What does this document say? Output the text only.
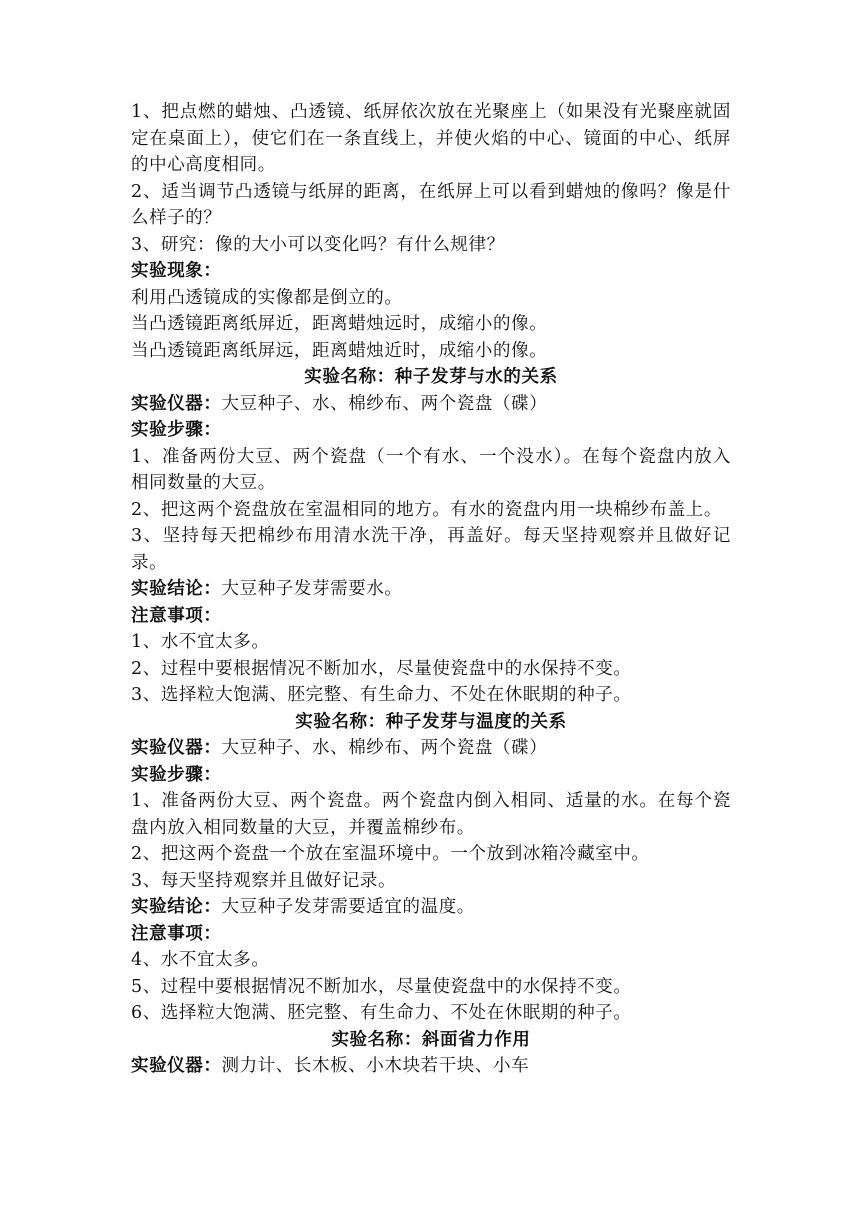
1、把点燃的蜡烛、凸透镜、纸屏依次放在光聚座上（如果没有光聚座就固定在桌面上），使它们在一条直线上，并使火焰的中心、镜面的中心、纸屏的中心高度相同。

2、适当调节凸透镜与纸屏的距离，在纸屏上可以看到蜡烛的像吗？像是什么样子的？

3、研究：像的大小可以变化吗？有什么规律？

实验现象：

利用凸透镜成的实像都是倒立的。

当凸透镜距离纸屏近，距离蜡烛远时，成缩小的像。

当凸透镜距离纸屏远，距离蜡烛近时，成缩小的像。

实验名称：种子发芽与水的关系

实验仪器：大豆种子、水、棉纱布、两个瓷盘（碟）

实验步骤：

1、准备两份大豆、两个瓷盘（一个有水、一个没水）。在每个瓷盘内放入相同数量的大豆。

2、把这两个瓷盘放在室温相同的地方。有水的瓷盘内用一块棉纱布盖上。

3、坚持每天把棉纱布用清水洗干净，再盖好。每天坚持观察并且做好记录。

实验结论：大豆种子发芽需要水。

注意事项：

1、水不宜太多。

2、过程中要根据情况不断加水，尽量使瓷盘中的水保持不变。

3、选择粒大饱满、胚完整、有生命力、不处在休眠期的种子。

实验名称：种子发芽与温度的关系

实验仪器：大豆种子、水、棉纱布、两个瓷盘（碟）

实验步骤：

1、准备两份大豆、两个瓷盘。两个瓷盘内倒入相同、适量的水。在每个瓷盘内放入相同数量的大豆，并覆盖棉纱布。

2、把这两个瓷盘一个放在室温环境中。一个放到冰箱冷藏室中。

3、每天坚持观察并且做好记录。

实验结论：大豆种子发芽需要适宜的温度。

注意事项：

4、水不宜太多。

5、过程中要根据情况不断加水，尽量使瓷盘中的水保持不变。

6、选择粒大饱满、胚完整、有生命力、不处在休眠期的种子。

实验名称：斜面省力作用

实验仪器：测力计、长木板、小木块若干块、小车
